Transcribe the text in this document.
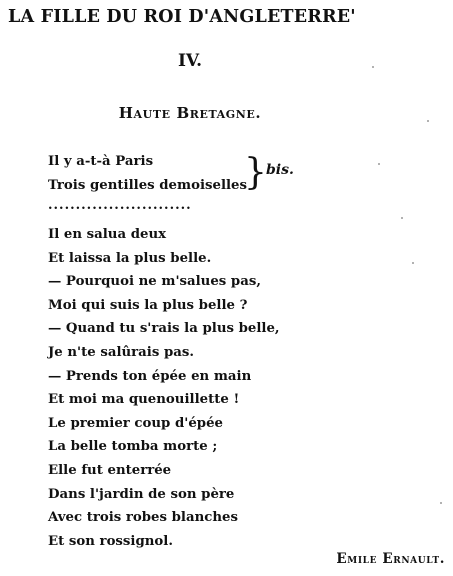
LA FILLE DU ROI D'ANGLETERRE'
IV.
Haute Bretagne.
Il y a-t-à Paris
Trois gentilles demoiselles
} bis.
..........................
Il en salua deux
Et laissa la plus belle.
— Pourquoi ne m'salues pas,
Moi qui suis la plus belle ?
— Quand tu s'rais la plus belle,
Je n'te salûrais pas.
— Prends ton épée en main
Et moi ma quenouillette !
Le premier coup d'épée
La belle tomba morte ;
Elle fut enterrée
Dans l'jardin de son père
Avec trois robes blanches
Et son rossignol.
Emile Ernault.
